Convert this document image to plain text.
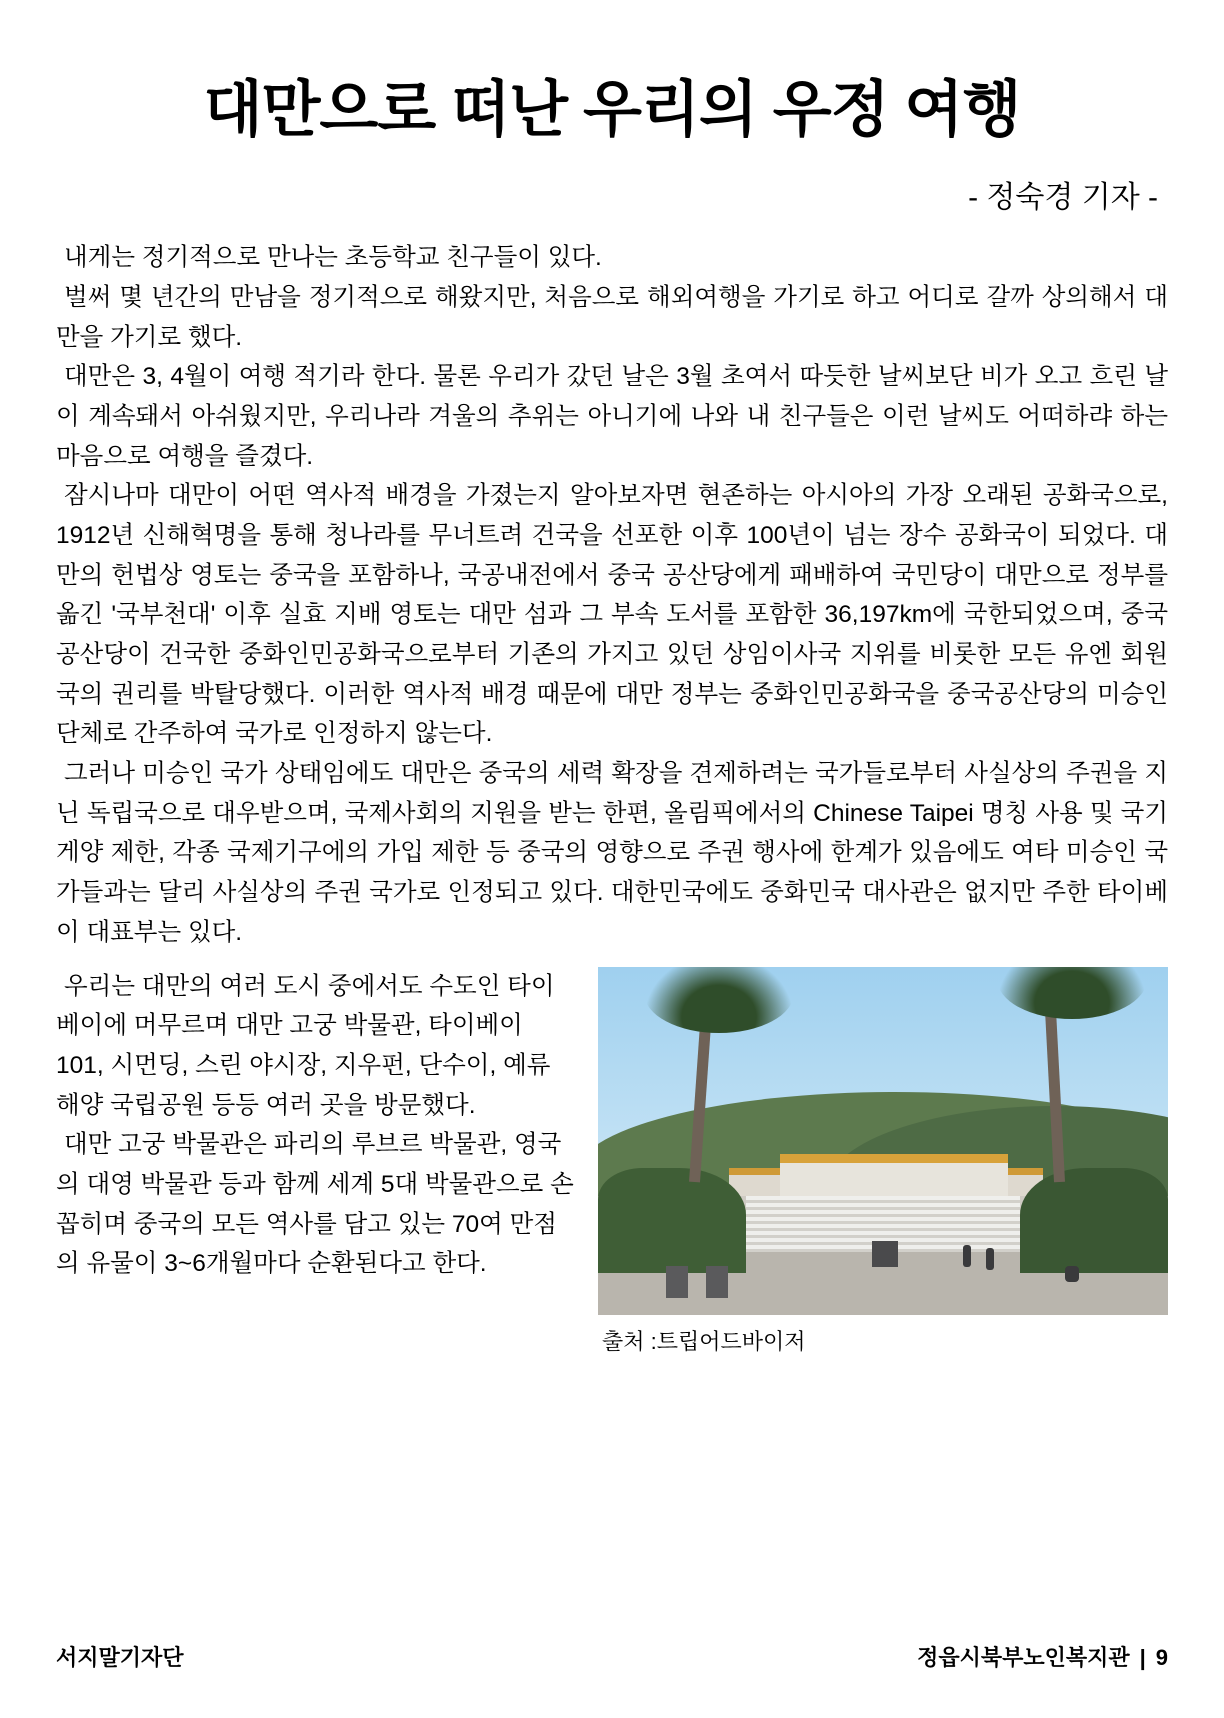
대만으로 떠난 우리의 우정 여행
- 정숙경 기자 -

내게는 정기적으로 만나는 초등학교 친구들이 있다.

벌써 몇 년간의 만남을 정기적으로 해왔지만, 처음으로 해외여행을 가기로 하고 어디로 갈까 상의해서 대만을 가기로 했다.

대만은 3, 4월이 여행 적기라 한다. 물론 우리가 갔던 날은 3월 초여서 따듯한 날씨보단 비가 오고 흐린 날이 계속돼서 아쉬웠지만, 우리나라 겨울의 추위는 아니기에 나와 내 친구들은 이런 날씨도 어떠하랴 하는 마음으로 여행을 즐겼다.

잠시나마 대만이 어떤 역사적 배경을 가졌는지 알아보자면 현존하는 아시아의 가장 오래된 공화국으로, 1912년 신해혁명을 통해 청나라를 무너트려 건국을 선포한 이후 100년이 넘는 장수 공화국이 되었다. 대만의 헌법상 영토는 중국을 포함하나, 국공내전에서 중국 공산당에게 패배하여 국민당이 대만으로 정부를 옮긴 '국부천대' 이후 실효 지배 영토는 대만 섬과 그 부속 도서를 포함한 36,197km에 국한되었으며, 중국공산당이 건국한 중화인민공화국으로부터 기존의 가지고 있던 상임이사국 지위를 비롯한 모든 유엔 회원국의 권리를 박탈당했다. 이러한 역사적 배경 때문에 대만 정부는 중화인민공화국을 중국공산당의 미승인단체로 간주하여 국가로 인정하지 않는다.

그러나 미승인 국가 상태임에도 대만은 중국의 세력 확장을 견제하려는 국가들로부터 사실상의 주권을 지닌 독립국으로 대우받으며, 국제사회의 지원을 받는 한편, 올림픽에서의 Chinese Taipei 명칭 사용 및 국기 게양 제한, 각종 국제기구에의 가입 제한 등 중국의 영향으로 주권 행사에 한계가 있음에도 여타 미승인 국가들과는 달리 사실상의 주권 국가로 인정되고 있다. 대한민국에도 중화민국 대사관은 없지만 주한 타이베이 대표부는 있다.

우리는 대만의 여러 도시 중에서도 수도인 타이베이에 머무르며 대만 고궁 박물관, 타이베이 101, 시먼딩, 스린 야시장, 지우펀, 단수이, 예류 해양 국립공원 등등 여러 곳을 방문했다.

대만 고궁 박물관은 파리의 루브르 박물관, 영국의 대영 박물관 등과 함께 세계 5대 박물관으로 손꼽히며 중국의 모든 역사를 담고 있는 70여 만점의 유물이 3~6개월마다 순환된다고 한다.

출처 :트립어드바이저
서지말기자단	정읍시북부노인복지관 | 9
